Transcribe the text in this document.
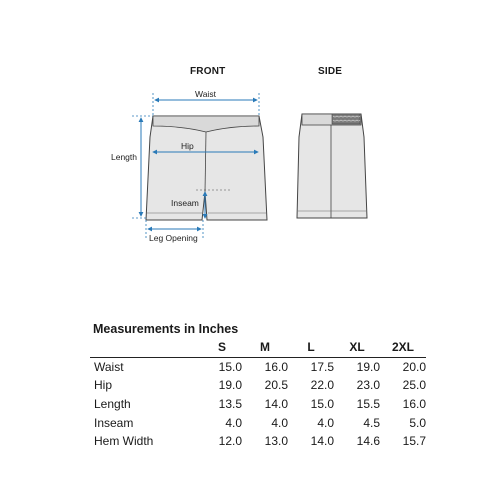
FRONT	SIDE
Waist
Hip
Length
Inseam
Leg Opening
Measurements in Inches
	S	M	L	XL	2XL
Waist	15.0	16.0	17.5	19.0	20.0
Hip	19.0	20.5	22.0	23.0	25.0
Length	13.5	14.0	15.0	15.5	16.0
Inseam	4.0	4.0	4.0	4.5	5.0
Hem Width	12.0	13.0	14.0	14.6	15.7
